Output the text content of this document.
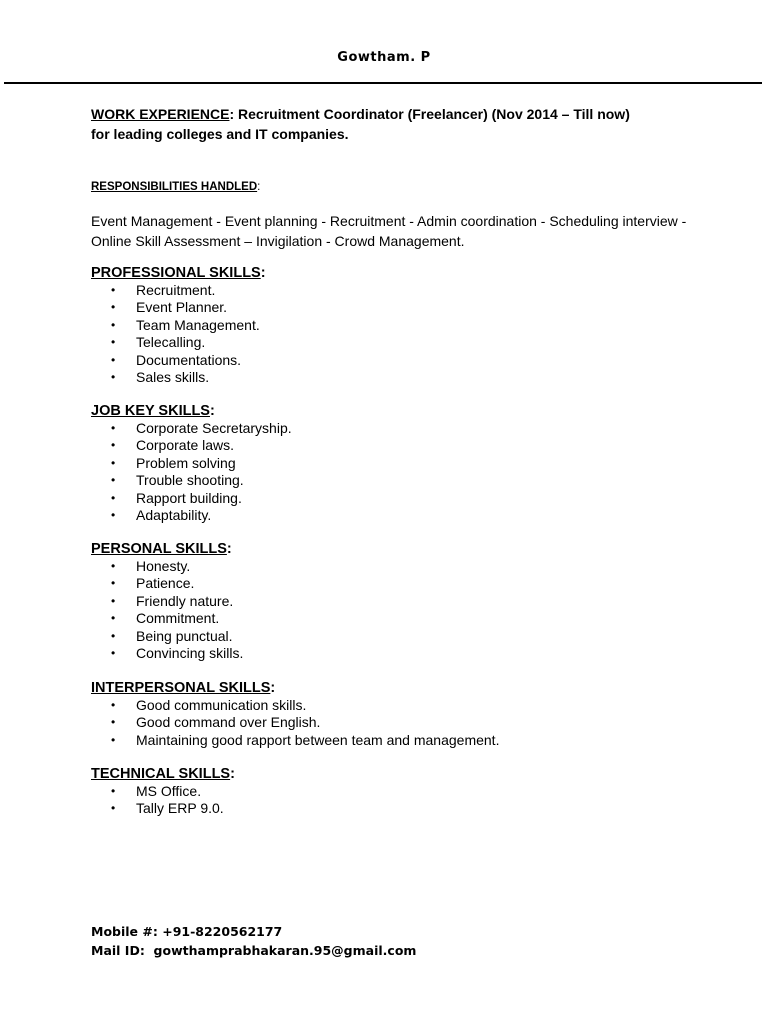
Gowtham. P
WORK EXPERIENCE: Recruitment Coordinator (Freelancer) (Nov 2014 – Till now)
for leading colleges and IT companies.
RESPONSIBILITIES HANDLED:
Event Management - Event planning - Recruitment - Admin coordination - Scheduling interview -
Online Skill Assessment – Invigilation - Crowd Management.
PROFESSIONAL SKILLS:
• Recruitment.
• Event Planner.
• Team Management.
• Telecalling.
• Documentations.
• Sales skills.
JOB KEY SKILLS:
• Corporate Secretaryship.
• Corporate laws.
• Problem solving
• Trouble shooting.
• Rapport building.
• Adaptability.
PERSONAL SKILLS:
• Honesty.
• Patience.
• Friendly nature.
• Commitment.
• Being punctual.
• Convincing skills.
INTERPERSONAL SKILLS:
• Good communication skills.
• Good command over English.
• Maintaining good rapport between team and management.
TECHNICAL SKILLS:
• MS Office.
• Tally ERP 9.0.
Mobile #: +91-8220562177
Mail ID: gowthamprabhakaran.95@gmail.com
